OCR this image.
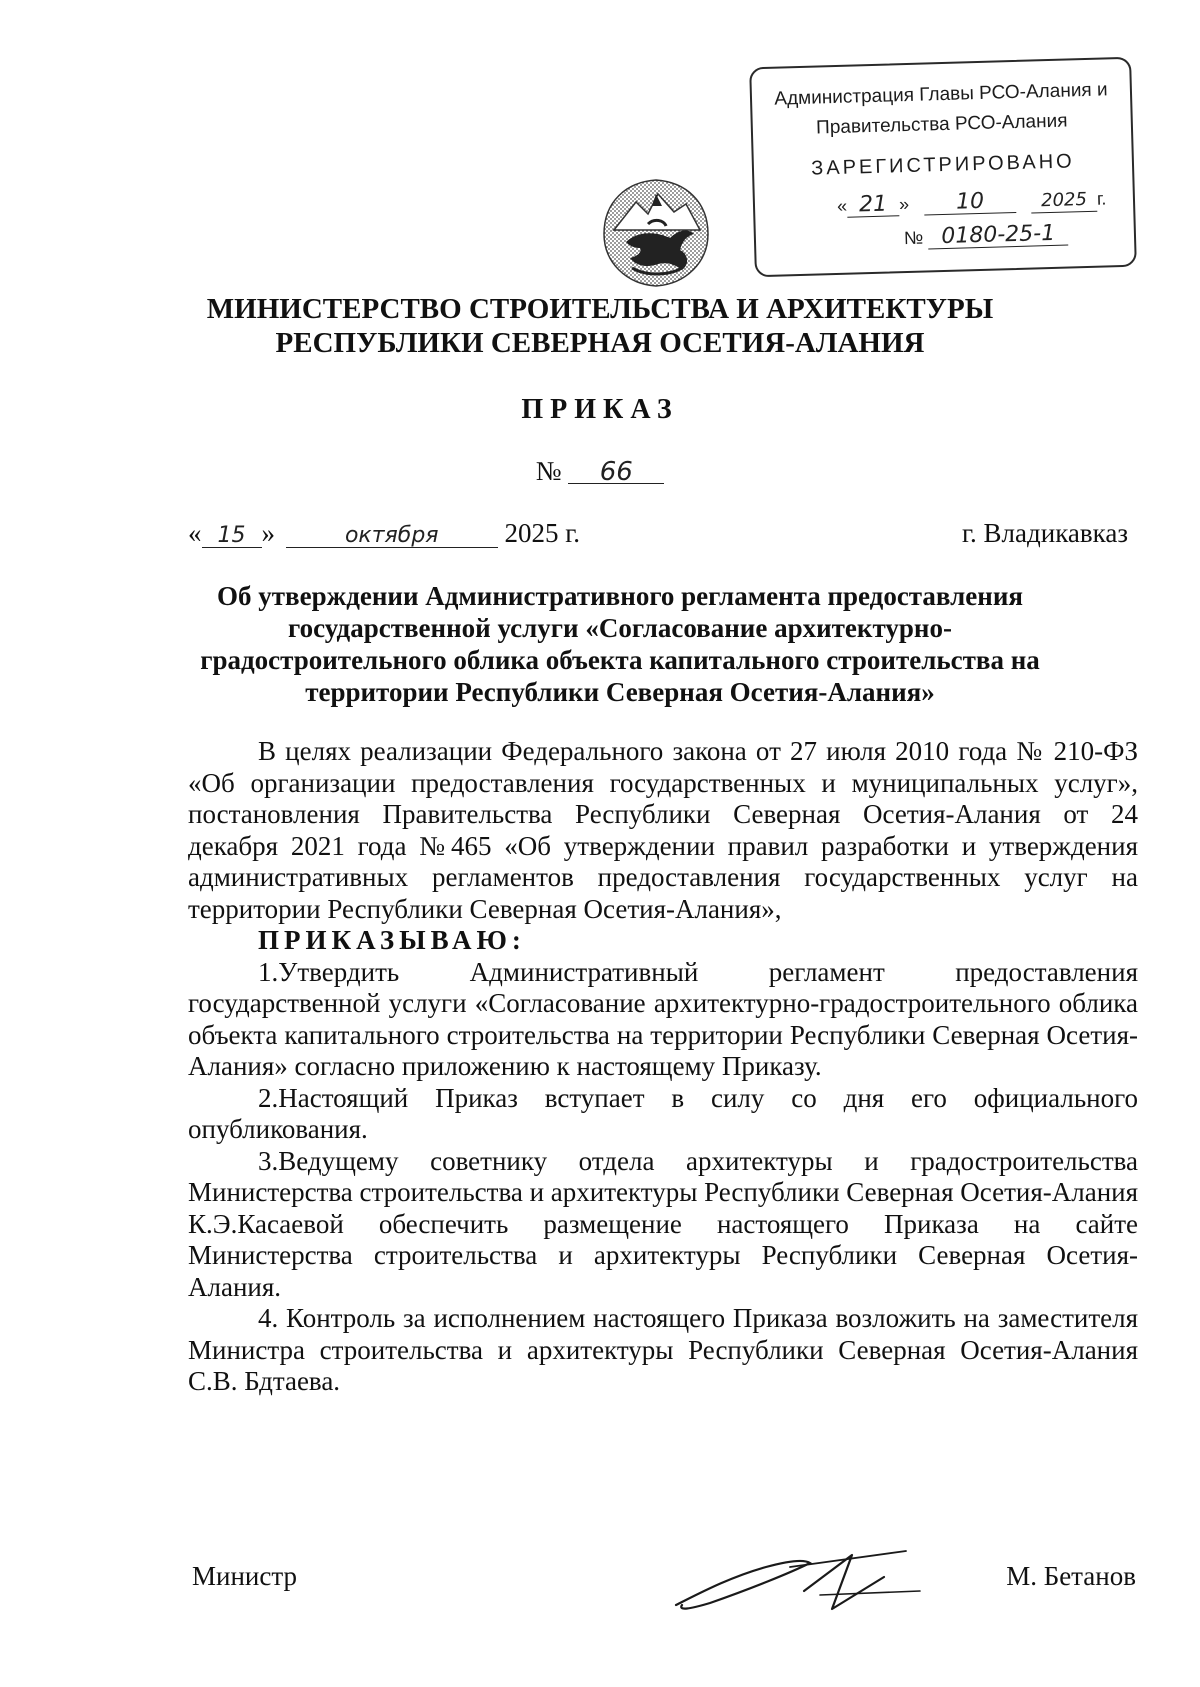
Администрация Главы РСО-Алания и
Правительства РСО-Алания
ЗАРЕГИСТРИРОВАНО
« 21 » 10	2025 г.
№ 0180-25-1
МИНИСТЕРСТВО СТРОИТЕЛЬСТВА И АРХИТЕКТУРЫ
РЕСПУБЛИКИ СЕВЕРНАЯ ОСЕТИЯ-АЛАНИЯ
ПРИКАЗ
№ 66
« 15 »	октября 2025 г.	г. Владикавказ
Об утверждении Административного регламента предоставления
государственной услуги «Согласование архитектурно-
градостроительного облика объекта капитального строительства на
территории Республики Северная Осетия-Алания»

В целях реализации Федерального закона от 27 июля 2010 года № 210-ФЗ «Об организации предоставления государственных и муниципальных услуг», постановления Правительства Республики Северная Осетия-Алания от 24 декабря 2021 года №465 «Об утверждении правил разработки и утверждения административных регламентов предоставления государственных услуг на территории Республики Северная Осетия-Алания»,

ПРИКАЗЫВАЮ:

1.Утвердить Административный регламент предоставления государственной услуги «Согласование архитектурно-градостроительного облика объекта капитального строительства на территории Республики Северная Осетия-Алания» согласно приложению к настоящему Приказу.

2.Настоящий Приказ вступает в силу со дня его официального опубликования.

3.Ведущему советнику отдела архитектуры и градостроительства Министерства строительства и архитектуры Республики Северная Осетия-Алания К.Э.Касаевой обеспечить размещение настоящего Приказа на сайте Министерства строительства и архитектуры Республики Северная Осетия-Алания.

4. Контроль за исполнением настоящего Приказа возложить на заместителя Министра строительства и архитектуры Республики Северная Осетия-Алания С.В. Бдтаева.

Министр	М. Бетанов
